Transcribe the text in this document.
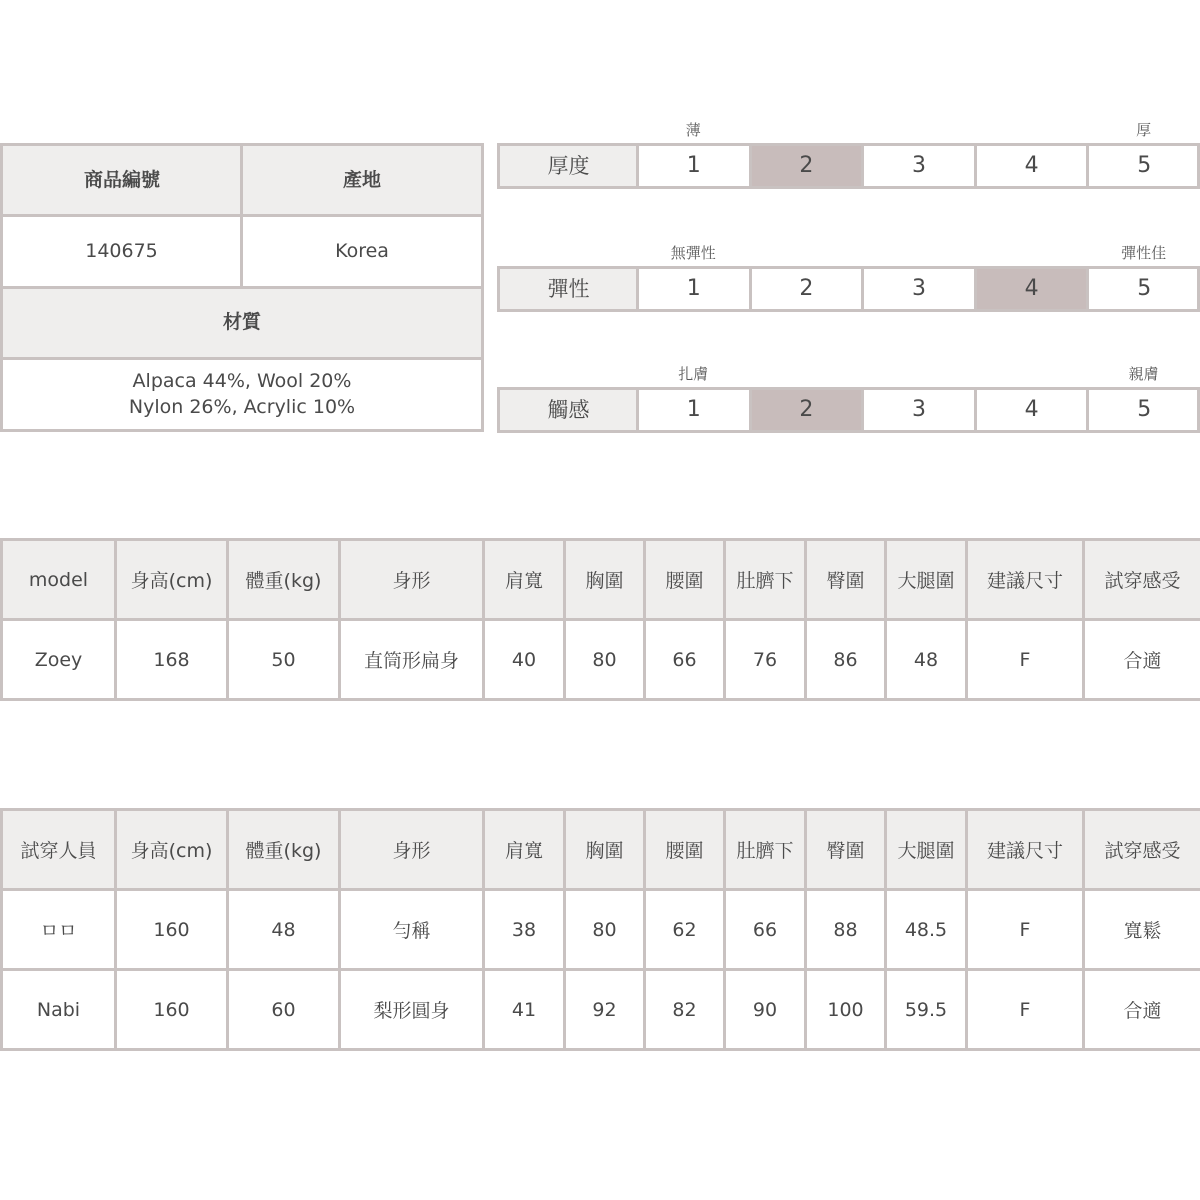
商品編號	產地
140675	Korea
材質
Alpaca 44%, Wool 20%
Nylon 26%, Acrylic 10%
厚度	1	2	3	4	5
薄	厚
彈性	1	2	3	4	5
無彈性	彈性佳
觸感	1	2	3	4	5
扎膚	親膚
model	身高(cm)	體重(kg)	身形	肩寬	胸圍	腰圍	肚臍下	臀圍	大腿圍	建議尺寸	試穿感受
Zoey	168	50	直筒形扁身	40	80	66	76	86	48	F	合適
試穿人員	身高(cm)	體重(kg)	身形	肩寬	胸圍	腰圍	肚臍下	臀圍	大腿圍	建議尺寸	試穿感受
ㅁㅁ	160	48	勻稱	38	80	62	66	88	48.5	F	寬鬆
Nabi	160	60	梨形圓身	41	92	82	90	100	59.5	F	合適
